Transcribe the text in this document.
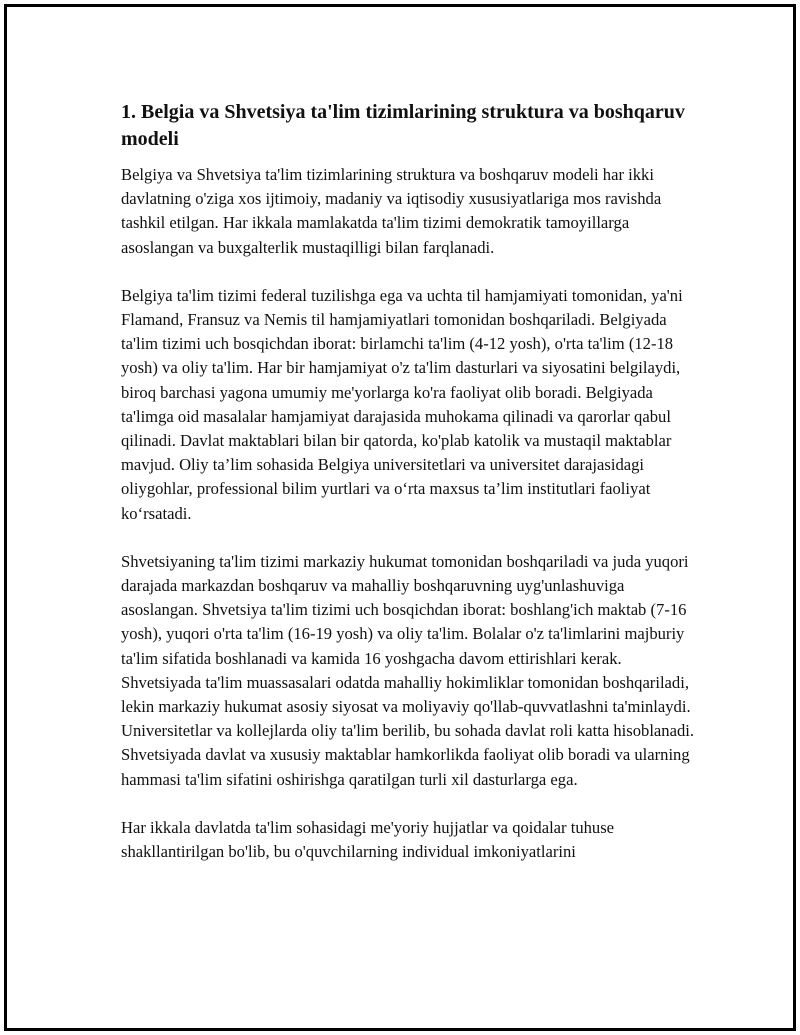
1. Belgia va Shvetsiya ta'lim tizimlarining struktura va boshqaruv modeli

Belgiya va Shvetsiya ta'lim tizimlarining struktura va boshqaruv modeli har ikki davlatning o'ziga xos ijtimoiy, madaniy va iqtisodiy xususiyatlariga mos ravishda tashkil etilgan. Har ikkala mamlakatda ta'lim tizimi demokratik tamoyillarga asoslangan va buxgalterlik mustaqilligi bilan farqlanadi.

Belgiya ta'lim tizimi federal tuzilishga ega va uchta til hamjamiyati tomonidan, ya'ni Flamand, Fransuz va Nemis til hamjamiyatlari tomonidan boshqariladi. Belgiyada ta'lim tizimi uch bosqichdan iborat: birlamchi ta'lim (4-12 yosh), o'rta ta'lim (12-18 yosh) va oliy ta'lim. Har bir hamjamiyat o'z ta'lim dasturlari va siyosatini belgilaydi, biroq barchasi yagona umumiy me'yorlarga ko'ra faoliyat olib boradi. Belgiyada ta'limga oid masalalar hamjamiyat darajasida muhokama qilinadi va qarorlar qabul qilinadi. Davlat maktablari bilan bir qatorda, ko'plab katolik va mustaqil maktablar mavjud. Oliy ta’lim sohasida Belgiya universitetlari va universitet darajasidagi oliygohlar, professional bilim yurtlari va o‘rta maxsus ta’lim institutlari faoliyat ko‘rsatadi.

Shvetsiyaning ta'lim tizimi markaziy hukumat tomonidan boshqariladi va juda yuqori darajada markazdan boshqaruv va mahalliy boshqaruvning uyg'unlashuviga asoslangan. Shvetsiya ta'lim tizimi uch bosqichdan iborat: boshlang'ich maktab (7-16 yosh), yuqori o'rta ta'lim (16-19 yosh) va oliy ta'lim. Bolalar o'z ta'limlarini majburiy ta'lim sifatida boshlanadi va kamida 16 yoshgacha davom ettirishlari kerak. Shvetsiyada ta'lim muassasalari odatda mahalliy hokimliklar tomonidan boshqariladi, lekin markaziy hukumat asosiy siyosat va moliyaviy qo'llab-quvvatlashni ta'minlaydi. Universitetlar va kollejlarda oliy ta'lim berilib, bu sohada davlat roli katta hisoblanadi. Shvetsiyada davlat va xususiy maktablar hamkorlikda faoliyat olib boradi va ularning hammasi ta'lim sifatini oshirishga qaratilgan turli xil dasturlarga ega.

Har ikkala davlatda ta'lim sohasidagi me'yoriy hujjatlar va qoidalar tuhuse shakllantirilgan bo'lib, bu o'quvchilarning individual imkoniyatlarini
